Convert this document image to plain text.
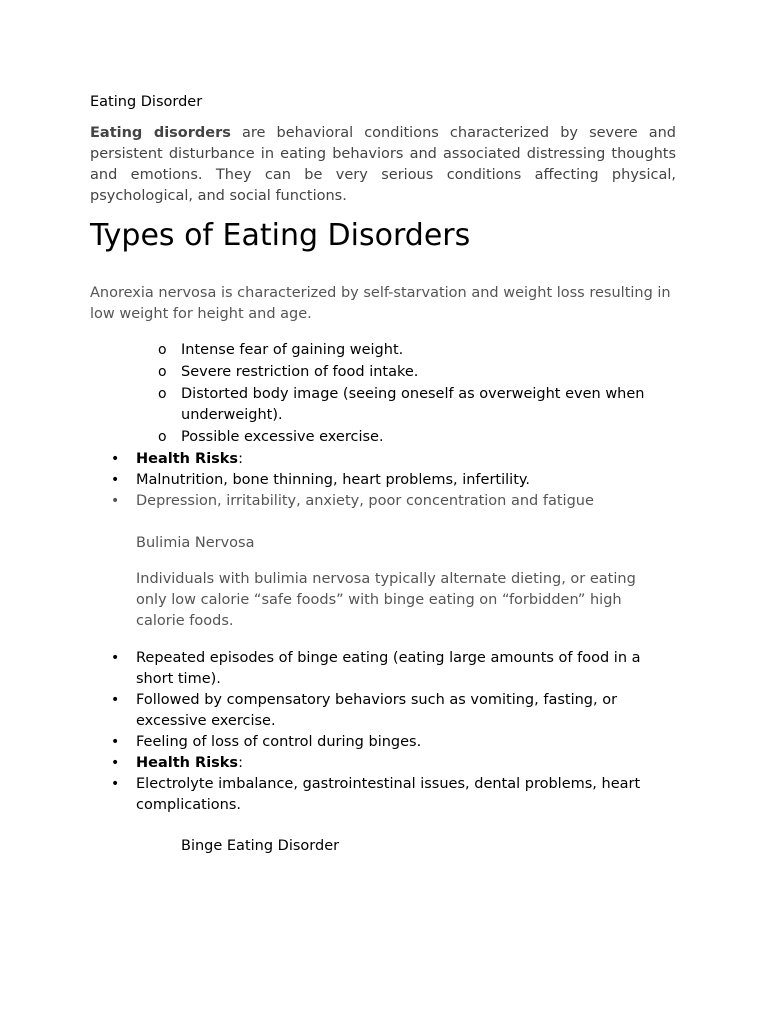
Eating Disorder

Eating disorders are behavioral conditions characterized by severe and persistent disturbance in eating behaviors and associated distressing thoughts and emotions. They can be very serious conditions affecting physical, psychological, and social functions.

Types of Eating Disorders

Anorexia nervosa is characterized by self-starvation and weight loss resulting in low weight for height and age.

o Intense fear of gaining weight.
o Severe restriction of food intake.
o Distorted body image (seeing oneself as overweight even when underweight).
o Possible excessive exercise.
• Health Risks:
• Malnutrition, bone thinning, heart problems, infertility.
• Depression, irritability, anxiety, poor concentration and fatigue

Bulimia Nervosa

Individuals with bulimia nervosa typically alternate dieting, or eating only low calorie “safe foods” with binge eating on “forbidden” high calorie foods.

• Repeated episodes of binge eating (eating large amounts of food in a short time).
• Followed by compensatory behaviors such as vomiting, fasting, or excessive exercise.
• Feeling of loss of control during binges.
• Health Risks:
• Electrolyte imbalance, gastrointestinal issues, dental problems, heart complications.

Binge Eating Disorder
